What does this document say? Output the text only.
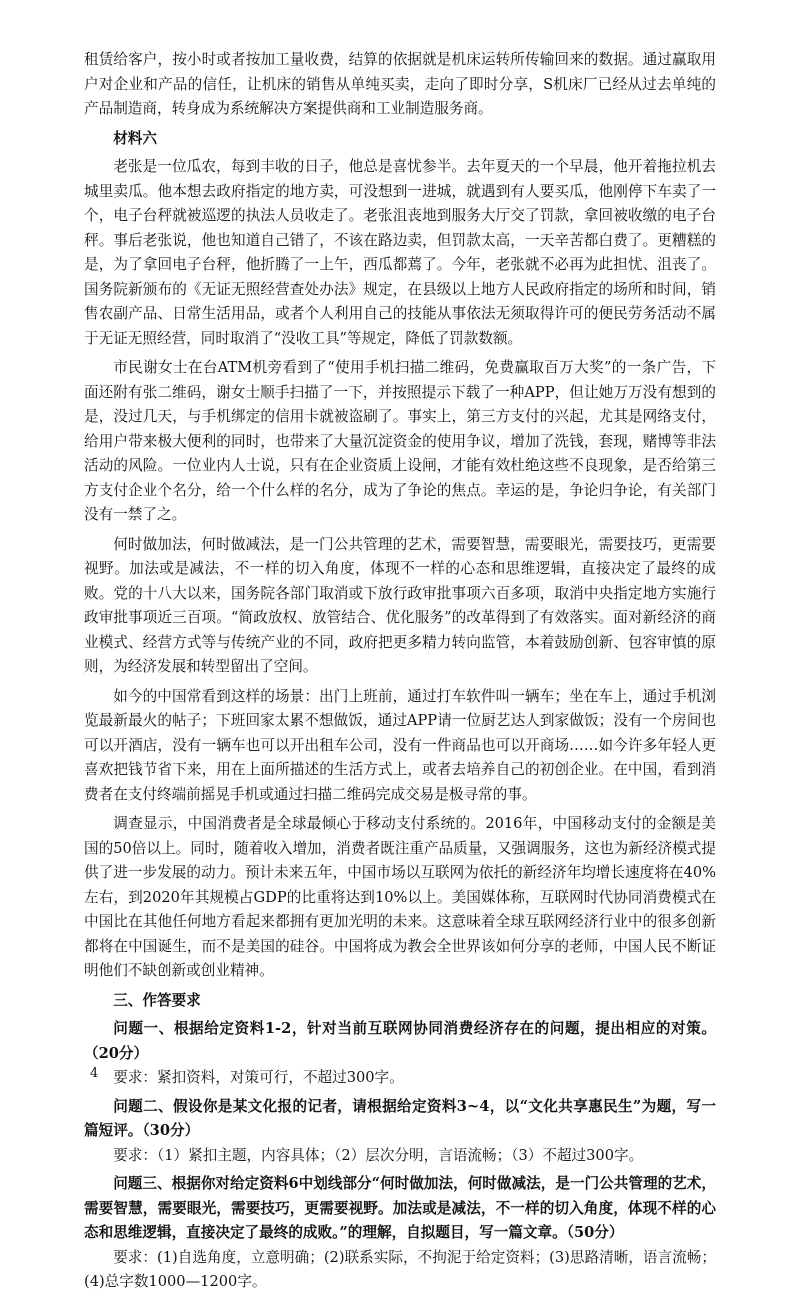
租赁给客户，按小时或者按加工量收费，结算的依据就是机床运转所传输回来的数据。通过赢取用户对企业和产品的信任，让机床的销售从单纯买卖，走向了即时分享，S机床厂已经从过去单纯的产品制造商，转身成为系统解决方案提供商和工业制造服务商。

材料六

老张是一位瓜农，每到丰收的日子，他总是喜忧参半。去年夏天的一个早晨，他开着拖拉机去城里卖瓜。他本想去政府指定的地方卖，可没想到一进城，就遇到有人要买瓜，他刚停下车卖了一个，电子台秤就被巡逻的执法人员收走了。老张沮丧地到服务大厅交了罚款，拿回被收缴的电子台秤。事后老张说，他也知道自己错了，不该在路边卖，但罚款太高，一天辛苦都白费了。更糟糕的是，为了拿回电子台秤，他折腾了一上午，西瓜都蔫了。今年，老张就不必再为此担忧、沮丧了。国务院新颁布的《无证无照经营查处办法》规定，在县级以上地方人民政府指定的场所和时间，销售农副产品、日常生活用品，或者个人利用自己的技能从事依法无须取得许可的便民劳务活动不属于无证无照经营，同时取消了“没收工具”等规定，降低了罚款数额。

市民谢女士在台ATM机旁看到了“使用手机扫描二维码，免费赢取百万大奖”的一条广告，下面还附有张二维码，谢女士顺手扫描了一下，并按照提示下载了一种APP，但让她万万没有想到的是，没过几天，与手机绑定的信用卡就被盗刷了。事实上，第三方支付的兴起，尤其是网络支付，给用户带来极大便利的同时，也带来了大量沉淀资金的使用争议，增加了洗钱，套现，赌博等非法活动的风险。一位业内人士说，只有在企业资质上设闸，才能有效杜绝这些不良现象，是否给第三方支付企业个名分，给一个什么样的名分，成为了争论的焦点。幸运的是，争论归争论，有关部门没有一禁了之。

何时做加法，何时做减法，是一门公共管理的艺术，需要智慧，需要眼光，需要技巧，更需要视野。加法或是减法，不一样的切入角度，体现不一样的心态和思维逻辑，直接决定了最终的成败。党的十八大以来，国务院各部门取消或下放行政审批事项六百多项，取消中央指定地方实施行政审批事项近三百项。“简政放权、放管结合、优化服务”的改革得到了有效落实。面对新经济的商业模式、经营方式等与传统产业的不同，政府把更多精力转向监管，本着鼓励创新、包容审慎的原则，为经济发展和转型留出了空间。

如今的中国常看到这样的场景：出门上班前，通过打车软件叫一辆车；坐在车上，通过手机浏览最新最火的帖子；下班回家太累不想做饭，通过APP请一位厨艺达人到家做饭；没有一个房间也可以开酒店，没有一辆车也可以开出租车公司，没有一件商品也可以开商场……如今许多年轻人更喜欢把钱节省下来，用在上面所描述的生活方式上，或者去培养自己的初创企业。在中国，看到消费者在支付终端前摇晃手机或通过扫描二维码完成交易是极寻常的事。

调查显示，中国消费者是全球最倾心于移动支付系统的。2016年，中国移动支付的金额是美国的50倍以上。同时，随着收入增加，消费者既注重产品质量，又强调服务，这也为新经济模式提供了进一步发展的动力。预计未来五年，中国市场以互联网为依托的新经济年均增长速度将在40%左右，到2020年其规模占GDP的比重将达到10%以上。美国媒体称，互联网时代协同消费模式在中国比在其他任何地方看起来都拥有更加光明的未来。这意味着全球互联网经济行业中的很多创新都将在中国诞生，而不是美国的硅谷。中国将成为教会全世界该如何分享的老师，中国人民不断证明他们不缺创新或创业精神。

三、作答要求

问题一、根据给定资料1-2，针对当前互联网协同消费经济存在的问题，提出相应的对策。（20分）

要求：紧扣资料，对策可行，不超过300字。

问题二、假设你是某文化报的记者，请根据给定资料3~4，以“文化共享惠民生”为题，写一篇短评。（30分）

要求：（1）紧扣主题，内容具体；（2）层次分明，言语流畅；（3）不超过300字。

问题三、根据你对给定资料6中划线部分“何时做加法，何时做减法，是一门公共管理的艺术，需要智慧，需要眼光，需要技巧，更需要视野。加法或是减法，不一样的切入角度，体现不样的心态和思维逻辑，直接决定了最终的成败。”的理解，自拟题目，写一篇文章。（50分）

要求：(1)自选角度，立意明确；(2)联系实际，不拘泥于给定资料；(3)思路清晰，语言流畅；(4)总字数1000—1200字。

4
